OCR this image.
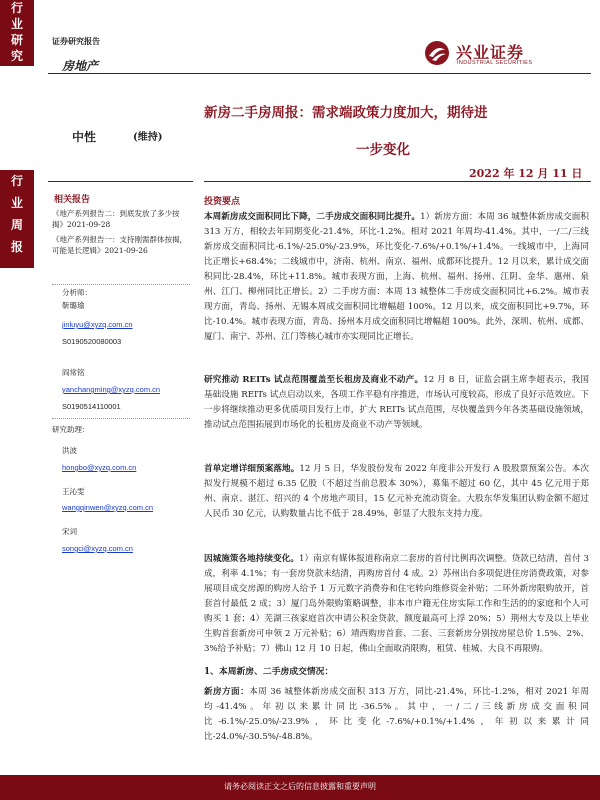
行
业
研
究
行
业
周
报
证券研究报告
房地产
兴业证券
INDUSTRIAL SECURITIES
中性	(维持)
新房二手房周报：需求端政策力度加大，期待进
一步变化
2022 年 12 月 11 日
相关报告
《地产系列报告二：到底发放了多少按揭》2021-09-28
《地产系列报告一：支持刚需群体按揭，可能是长逻辑》2021-09-26
分析师：
靳璐瑜
jinluyu@xyzq.com.cn
S0190520080003
阎常铭
yanchangming@xyzq.com.cn
S0190514110001
研究助理：
洪波
hongbo@xyzq.com.cn
王沁雯
wangqinwen@xyzq.com.cn
宋词
songci@xyzq.com.cn
投资要点
本周新房成交面积同比下降，二手房成交面积同比提升。1）新房方面：本周 36 城整体新房成交面积 313 万方，相较去年同期变化-21.4%，环比-1.2%。相对 2021 年周均-41.4%。其中，一/二/三线新房成交面积同比-6.1%/-25.0%/-23.9%，环比变化-7.6%/+0.1%/+1.4%。一线城市中，上海同比正增长+68.4%；二线城市中，济南、杭州、南京、福州、成都环比提升。12 月以来，累计成交面积同比-28.4%，环比+11.8%。城市表现方面，上海、杭州、福州、扬州、江阴、金华、惠州、泉州、江门、柳州同比正增长。2）二手房方面：本周 13 城整体二手房成交面积同比+6.2%。城市表现方面，青岛、扬州、无锡本周成交面积同比增幅超 100%。12 月以来，成交面积同比+9.7%，环比-10.4%。城市表现方面，青岛、扬州本月成交面积同比增幅超 100%。此外，深圳、杭州、成都、厦门、南宁、苏州、江门等核心城市亦实现同比正增长。
研究推动 REITs 试点范围覆盖至长租房及商业不动产。12 月 8 日，证监会副主席李超表示，我国基础设施 REITs 试点启动以来，各项工作平稳有序推进，市场认可度较高，形成了良好示范效应。下一步将继续推动更多优质项目发行上市，扩大 REITs 试点范围，尽快覆盖到今年各类基础设施领域，推动试点范围拓展到市场化的长租房及商业不动产等领域。
首单定增详细预案落地。12 月 5 日，华发股份发布 2022 年度非公开发行 A 股股票预案公告。本次拟发行规模不超过 6.35 亿股（不超过当前总股本 30%），募集不超过 60 亿，其中 45 亿元用于郑州、南京、湛江、绍兴的 4 个房地产项目，15 亿元补充流动资金。大股东华发集团认购金额不超过人民币 30 亿元，认购数量占比不低于 28.49%，彰显了大股东支持力度。
因城施策各地持续变化。1）南京有媒体报道称南京二套房的首付比例再次调整。贷款已结清，首付 3 成，利率 4.1%；有一套房贷款未结清，再购房首付 4 成。2）苏州出台多项促进住房消费政策，对参展项目成交房源的购房人给予 1 万元数字消费券和住宅转向维修资金补贴；二环外新房限购放开，首套首付最低 2 成；3）厦门岛外限购策略调整，非本市户籍无住房实际工作和生活的的家庭和个人可购买 1 套；4）芜湖三孩家庭首次申请公积金贷款，额度最高可上浮 20%；5）荆州大专及以上毕业生购首套新房可申领 2 万元补贴；6）靖西购房首套、二套、三套新房分别按房屋总价 1.5%、2%、3%给予补贴；7）佛山 12 月 10 日起，佛山全面取消限购，租赁、桂城、大良不再限购。
1、本周新房、二手房成交情况：
新房方面：本周 36 城整体新房成交面积 313 万方，同比-21.4%，环比-1.2%，相对 2021 年周均-41.4%。年初以来累计同比-36.5%。其中，一/二/三线新房成交面积同比-6.1%/-25.0%/-23.9%，环比变化-7.6%/+0.1%/+1.4%，年初以来累计同比-24.0%/-30.5%/-48.8%。
请务必阅读正文之后的信息披露和重要声明
